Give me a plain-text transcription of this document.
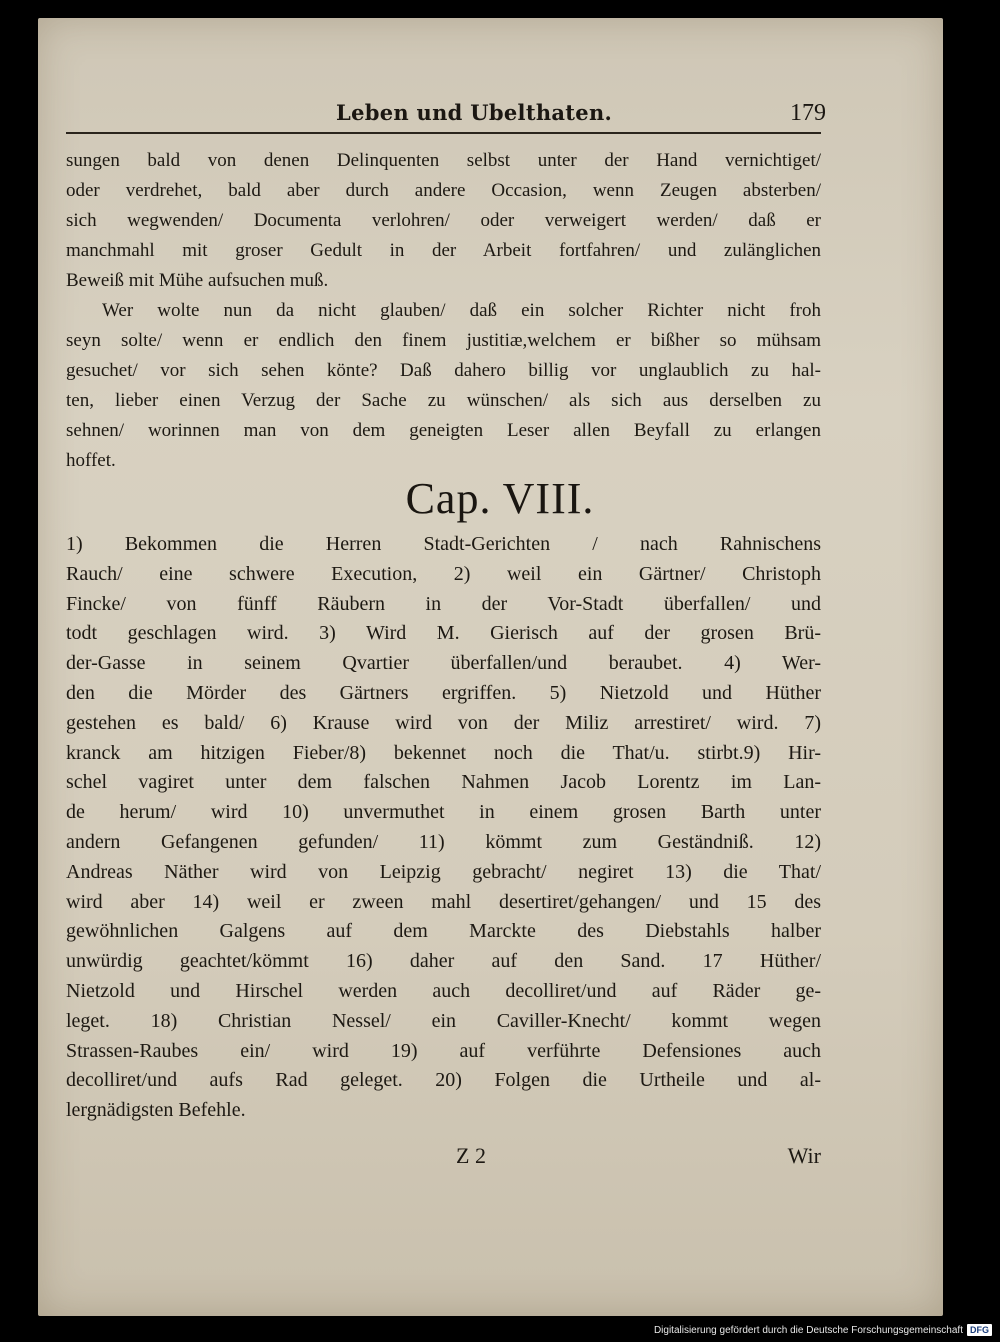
Leben und Ubelthaten.	179
sungen bald von denen Delinquenten selbst unter der Hand vernichtiget/
oder verdrehet, bald aber durch andere Occasion, wenn Zeugen absterben/
sich wegwenden/ Documenta verlohren/ oder verweigert werden/ daß er
manchmahl mit groser Gedult in der Arbeit fortfahren/ und zulänglichen
Beweiß mit Mühe aufsuchen muß.
Wer wolte nun da nicht glauben/ daß ein solcher Richter nicht froh
seyn solte/ wenn er endlich den finem justitiæ,welchem er bißher so mühsam
gesuchet/ vor sich sehen könte? Daß dahero billig vor unglaublich zu hal-
ten, lieber einen Verzug der Sache zu wünschen/ als sich aus derselben zu
sehnen/ worinnen man von dem geneigten Leser allen Beyfall zu erlangen
hoffet.
Cap. VIII.
1) Bekommen die Herren Stadt-Gerichten / nach Rahnischens
Rauch/ eine schwere Execution, 2) weil ein Gärtner/ Christoph
Fincke/ von fünff Räubern in der Vor-Stadt überfallen/ und
todt geschlagen wird. 3) Wird M. Gierisch auf der grosen Brü-
der-Gasse in seinem Qvartier überfallen/und beraubet. 4) Wer-
den die Mörder des Gärtners ergriffen. 5) Nietzold und Hüther
gestehen es bald/ 6) Krause wird von der Miliz arrestiret/ wird. 7)
kranck am hitzigen Fieber/8) bekennet noch die That/u. stirbt.9) Hir-
schel vagiret unter dem falschen Nahmen Jacob Lorentz im Lan-
de herum/ wird 10) unvermuthet in einem grosen Barth unter
andern Gefangenen gefunden/ 11) kömmt zum Geständniß. 12)
Andreas Näther wird von Leipzig gebracht/ negiret 13) die That/
wird aber 14) weil er zween mahl desertiret/gehangen/ und 15 des
gewöhnlichen Galgens auf dem Marckte des Diebstahls halber
unwürdig geachtet/kömmt 16) daher auf den Sand. 17 Hüther/
Nietzold und Hirschel werden auch decolliret/und auf Räder ge-
leget. 18) Christian Nessel/ ein Caviller-Knecht/ kommt wegen
Strassen-Raubes ein/ wird 19) auf verführte Defensiones auch
decolliret/und aufs Rad geleget. 20) Folgen die Urtheile und al-
lergnädigsten Befehle.
Z 2	Wir
Digitalisierung gefördert durch die Deutsche Forschungsgemeinschaft DFG
